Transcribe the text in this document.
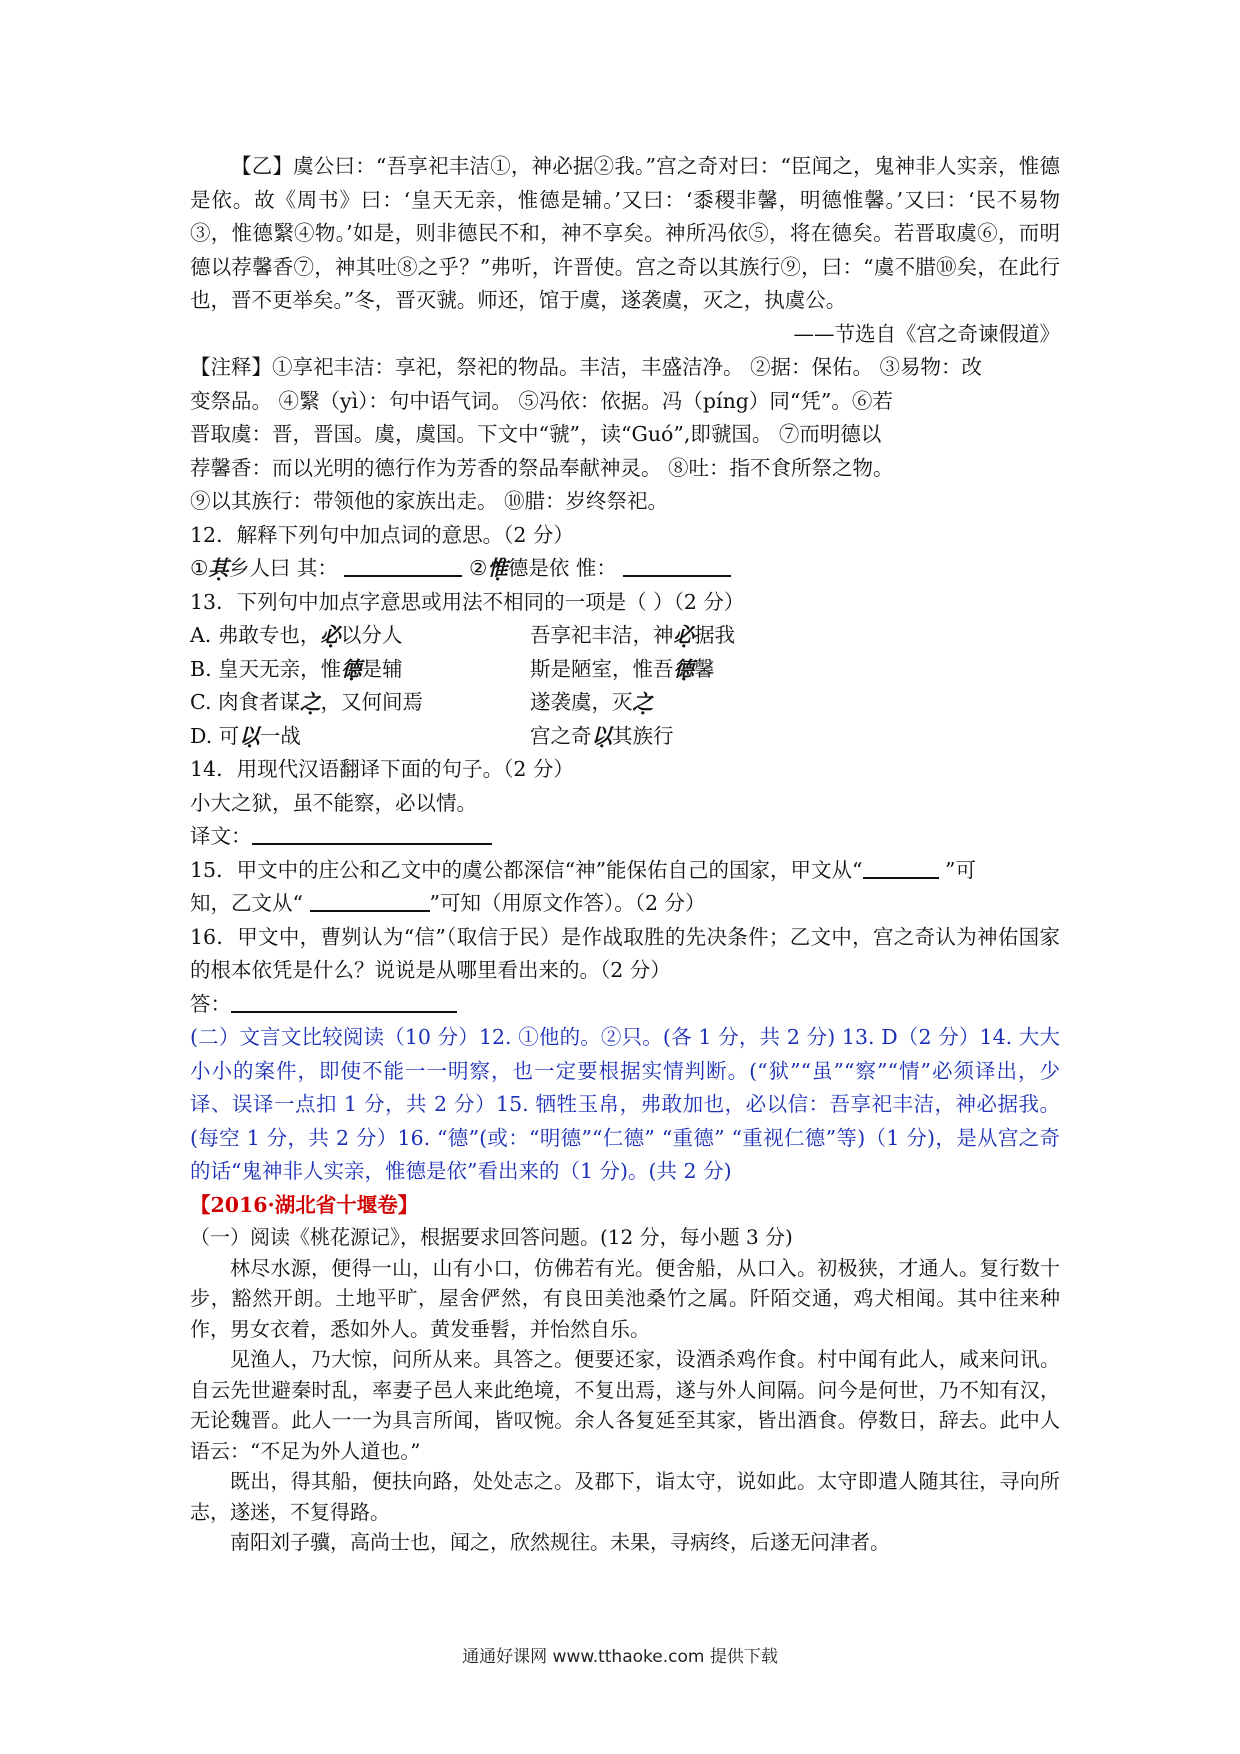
【乙】虞公曰：“吾享祀丰洁①，神必据②我。”宫之奇对曰：“臣闻之，鬼神非人实亲，惟德是依。故《周书》曰：‘皇天无亲，惟德是辅。’又曰：‘黍稷非馨，明德惟馨。’又曰：‘民不易物③，惟德繄④物。’如是，则非德民不和，神不享矣。神所冯依⑤，将在德矣。若晋取虞⑥，而明德以荐馨香⑦，神其吐⑧之乎？”弗听，许晋使。宫之奇以其族行⑨，曰：“虞不腊⑩矣，在此行也，晋不更举矣。”冬，晋灭虢。师还，馆于虞，遂袭虞，灭之，执虞公。

——节选自《宫之奇谏假道》

【注释】①享祀丰洁：享祀，祭祀的物品。丰洁，丰盛洁净。 ②据：保佑。 ③易物：改

变祭品。 ④繄（yì）：句中语气词。 ⑤冯依：依据。冯（píng）同“凭”。⑥若

晋取虞：晋，晋国。虞，虞国。下文中“虢”，读“Guó”,即虢国。 ⑦而明德以

荐馨香：而以光明的德行作为芳香的祭品奉献神灵。 ⑧吐：指不食所祭之物。

⑨以其族行：带领他的家族出走。 ⑩腊：岁终祭祀。

12．解释下列句中加点词的意思。（2 分）

①其乡人曰 其：	②惟德是依 惟：

13．下列句中加点字意思或用法不相同的一项是（ ）（2 分）

A. 弗敢专也，必以分人	吾享祀丰洁，神必据我
B. 皇天无亲，惟德是辅	斯是陋室，惟吾德馨
C. 肉食者谋之，又何间焉	遂袭虞，灭之
D. 可以一战	宫之奇以其族行

14．用现代汉语翻译下面的句子。（2 分）

小大之狱，虽不能察，必以情。

译文：

15．甲文中的庄公和乙文中的虞公都深信“神”能保佑自己的国家，甲文从“	”可

知，乙文从“	”可知（用原文作答）。（2 分）

16．甲文中，曹刿认为“信”（取信于民）是作战取胜的先决条件；乙文中，宫之奇认为神佑国家的根本依凭是什么？说说是从哪里看出来的。（2 分）

答：

(二）文言文比较阅读（10 分）12. ①他的。②只。(各 1 分，共 2 分) 13. D（2 分）14. 大大小小的案件，即使不能一一明察，也一定要根据实情判断。(“狱”“虽”“察”“情”必须译出，少译、误译一点扣 1 分，共 2 分）15. 牺牲玉帛，弗敢加也，必以信：吾享祀丰洁，神必据我。(每空 1 分，共 2 分）16. “德”(或：“明德”“仁德” “重德” “重视仁德”等)（1 分)，是从宫之奇的话“鬼神非人实亲，惟德是依”看出来的（1 分)。(共 2 分)

【2016·湖北省十堰卷】

（一）阅读《桃花源记》，根据要求回答问题。(12 分，每小题 3 分)

林尽水源，便得一山，山有小口，仿佛若有光。便舍船，从口入。初极狭，才通人。复行数十步，豁然开朗。土地平旷，屋舍俨然，有良田美池桑竹之属。阡陌交通，鸡犬相闻。其中往来种作，男女衣着，悉如外人。黄发垂髫，并怡然自乐。

见渔人，乃大惊，问所从来。具答之。便要还家，设酒杀鸡作食。村中闻有此人，咸来问讯。自云先世避秦时乱，率妻子邑人来此绝境，不复出焉，遂与外人间隔。问今是何世，乃不知有汉，无论魏晋。此人一一为具言所闻，皆叹惋。余人各复延至其家，皆出酒食。停数日，辞去。此中人语云：“不足为外人道也。”

既出，得其船，便扶向路，处处志之。及郡下，诣太守，说如此。太守即遣人随其往，寻向所志，遂迷，不复得路。

南阳刘子骥，高尚士也，闻之，欣然规往。未果，寻病终，后遂无问津者。

通通好课网 www.tthaoke.com 提供下载
